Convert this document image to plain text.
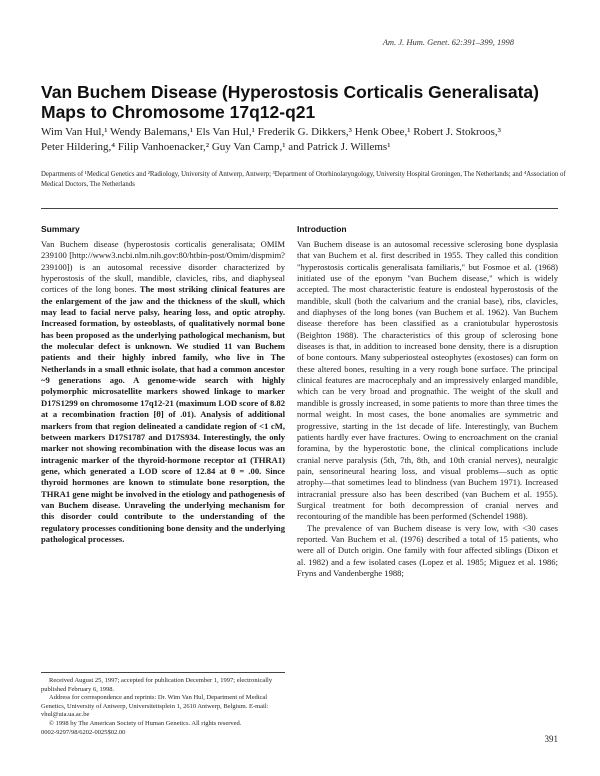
Am. J. Hum. Genet. 62:391–399, 1998
Van Buchem Disease (Hyperostosis Corticalis Generalisata) Maps to Chromosome 17q12-q21
Wim Van Hul,¹ Wendy Balemans,¹ Els Van Hul,¹ Frederik G. Dikkers,³ Henk Obee,¹ Robert J. Stokroos,³ Peter Hildering,⁴ Filip Vanhoenacker,² Guy Van Camp,¹ and Patrick J. Willems¹
Departments of ¹Medical Genetics and ²Radiology, University of Antwerp, Antwerp; ³Department of Otorhinolaryngology, University Hospital Groningen, The Netherlands; and ⁴Association of Medical Doctors, The Netherlands
Summary	Introduction

Van Buchem disease (hyperostosis corticalis generalisata; OMIM 239100 [http://www3.ncbi.nlm.nih.gov:80/htbin-post/Omim/dispmim?239100]) is an autosomal recessive disorder characterized by hyperostosis of the skull, mandible, clavicles, ribs, and diaphyseal cortices of the long bones. The most striking clinical features are the enlargement of the jaw and the thickness of the skull, which may lead to facial nerve palsy, hearing loss, and optic atrophy. Increased formation, by osteoblasts, of qualitatively normal bone has been proposed as the underlying pathological mechanism, but the molecular defect is unknown. We studied 11 van Buchem patients and their highly inbred family, who live in The Netherlands in a small ethnic isolate, that had a common ancestor ~9 generations ago. A genome-wide search with highly polymorphic microsatellite markers showed linkage to marker D17S1299 on chromosome 17q12-21 (maximum LOD score of 8.82 at a recombination fraction [θ] of .01). Analysis of additional markers from that region delineated a candidate region of <1 cM, between markers D17S1787 and D17S934. Interestingly, the only marker not showing recombination with the disease locus was an intragenic marker of the thyroid-hormone receptor α1 (THRA1) gene, which generated a LOD score of 12.84 at θ = .00. Since thyroid hormones are known to stimulate bone resorption, the THRA1 gene might be involved in the etiology and pathogenesis of van Buchem disease. Unraveling the underlying mechanism for this disorder could contribute to the understanding of the regulatory processes conditioning bone density and the underlying pathological processes.

Received August 25, 1997; accepted for publication December 1, 1997; electronically published February 6, 1998.

Address for correspondence and reprints: Dr. Wim Van Hul, Department of Medical Genetics, University of Antwerp, Universiteitsplein 1, 2610 Antwerp, Belgium. E-mail: vhul@uia.ua.ac.be

© 1998 by The American Society of Human Genetics. All rights reserved.

0002-9297/98/6202-0025$02.00

Van Buchem disease is an autosomal recessive sclerosing bone dysplasia that van Buchem et al. first described in 1955. They called this condition "hyperostosis corticalis generalisata familiaris," but Fosmoe et al. (1968) initiated use of the eponym "van Buchem disease," which is widely accepted. The most characteristic feature is endosteal hyperostosis of the mandible, skull (both the calvarium and the cranial base), ribs, clavicles, and diaphyses of the long bones (van Buchem et al. 1962). Van Buchem disease therefore has been classified as a craniotubular hyperostosis (Beighton 1988). The characteristics of this group of sclerosing bone diseases is that, in addition to increased bone density, there is a disruption of bone contours. Many subperiosteal osteophytes (exostoses) can form on these altered bones, resulting in a very rough bone surface. The principal clinical features are macrocephaly and an impressively enlarged mandible, which can be very broad and prognathic. The weight of the skull and mandible is grossly increased, in some patients to more than three times the normal weight. In most cases, the bone anomalies are symmetric and progressive, starting in the 1st decade of life. Interestingly, van Buchem patients hardly ever have fractures. Owing to encroachment on the cranial foramina, by the hyperostotic bone, the clinical complications include cranial nerve paralysis (5th, 7th, 8th, and 10th cranial nerves), neuralgic pain, sensorineural hearing loss, and visual problems—such as optic atrophy—that sometimes lead to blindness (van Buchem 1971). Increased intracranial pressure also has been described (van Buchem et al. 1955). Surgical treatment for both decompression of cranial nerves and recontouring of the mandible has been performed (Schendel 1988).

The prevalence of van Buchem disease is very low, with <30 cases reported. Van Buchem et al. (1976) described a total of 15 patients, who were all of Dutch origin. One family with four affected siblings (Dixon et al. 1982) and a few isolated cases (Lopez et al. 1985; Miguez et al. 1986; Fryns and Vandenberghe 1988;

391
